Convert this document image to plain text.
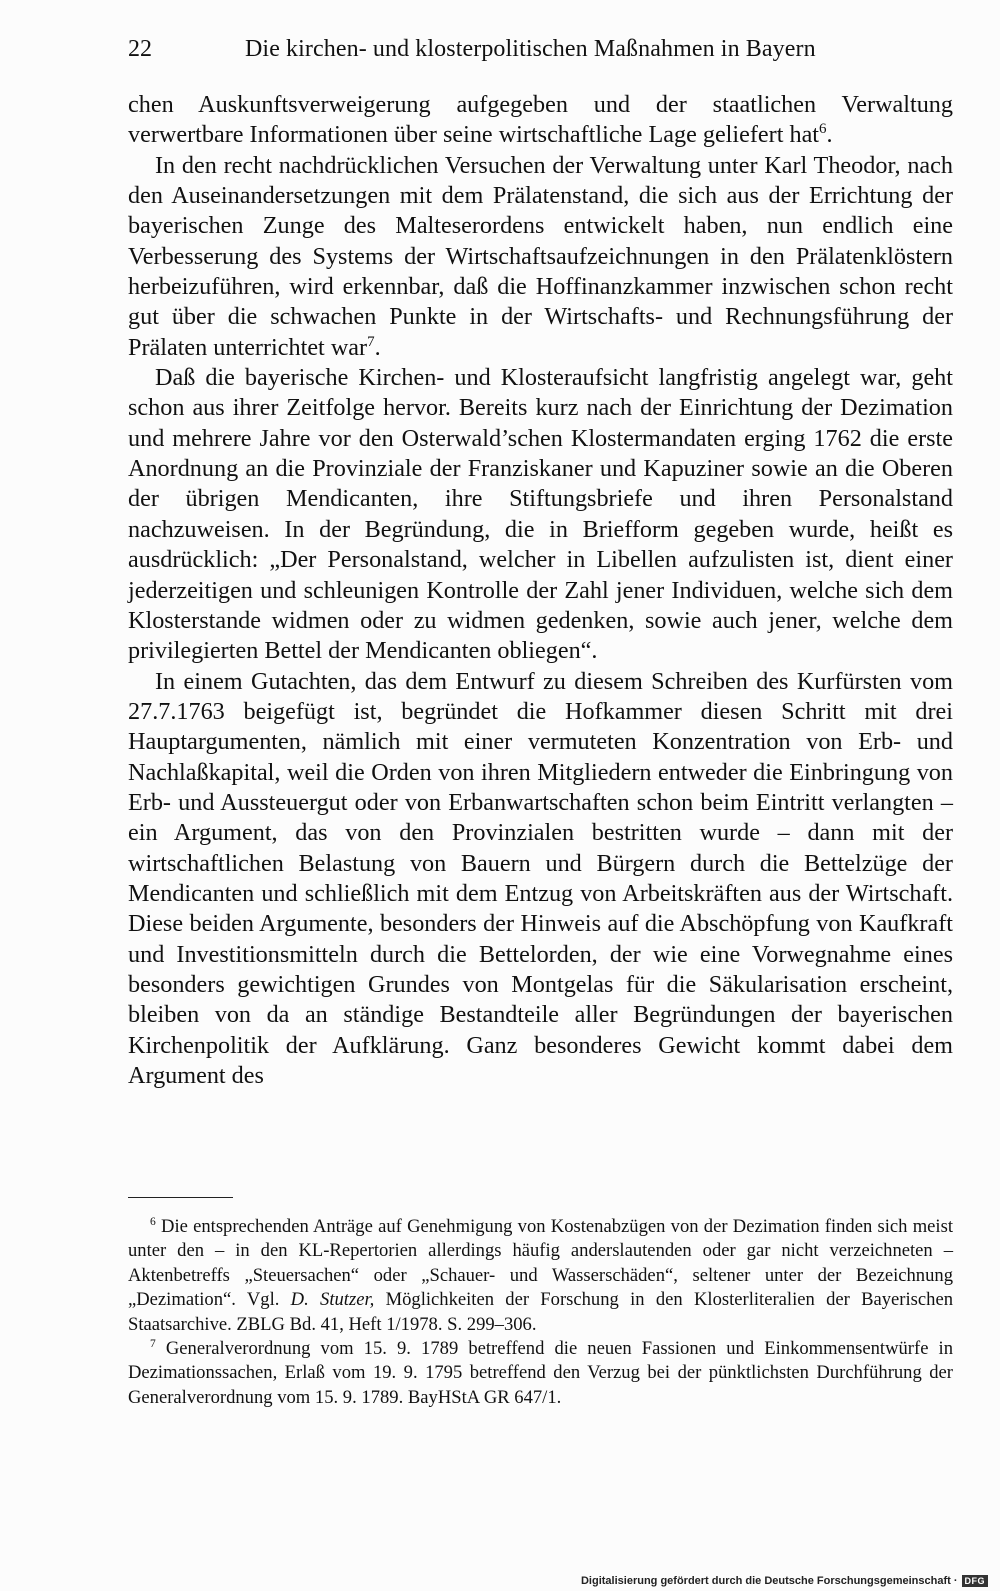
22	Die kirchen- und klosterpolitischen Maßnahmen in Bayern

chen Auskunftsverweigerung aufgegeben und der staatlichen Verwaltung verwertbare Informationen über seine wirtschaftliche Lage geliefert hat$^6$.

In den recht nachdrücklichen Versuchen der Verwaltung unter Karl Theodor, nach den Auseinandersetzungen mit dem Prälatenstand, die sich aus der Errichtung der bayerischen Zunge des Malteserordens entwickelt haben, nun endlich eine Verbesserung des Systems der Wirtschaftsaufzeichnungen in den Prälatenklöstern herbeizuführen, wird erkennbar, daß die Hoffinanzkammer inzwischen schon recht gut über die schwachen Punkte in der Wirtschafts- und Rechnungsführung der Prälaten unterrichtet war$^7$.

Daß die bayerische Kirchen- und Klosteraufsicht langfristig angelegt war, geht schon aus ihrer Zeitfolge hervor. Bereits kurz nach der Einrichtung der Dezimation und mehrere Jahre vor den Osterwald’schen Klostermandaten erging 1762 die erste Anordnung an die Provinziale der Franziskaner und Kapuziner sowie an die Oberen der übrigen Mendicanten, ihre Stiftungsbriefe und ihren Personalstand nachzuweisen. In der Begründung, die in Briefform gegeben wurde, heißt es ausdrücklich: „Der Personalstand, welcher in Libellen aufzulisten ist, dient einer jederzeitigen und schleunigen Kontrolle der Zahl jener Individuen, welche sich dem Klosterstande widmen oder zu widmen gedenken, sowie auch jener, welche dem privilegierten Bettel der Mendicanten obliegen“.

In einem Gutachten, das dem Entwurf zu diesem Schreiben des Kurfürsten vom 27.7.1763 beigefügt ist, begründet die Hofkammer diesen Schritt mit drei Hauptargumenten, nämlich mit einer vermuteten Konzentration von Erb- und Nachlaßkapital, weil die Orden von ihren Mitgliedern entweder die Einbringung von Erb- und Aussteuergut oder von Erbanwartschaften schon beim Eintritt verlangten – ein Argument, das von den Provinzialen bestritten wurde – dann mit der wirtschaftlichen Belastung von Bauern und Bürgern durch die Bettelzüge der Mendicanten und schließlich mit dem Entzug von Arbeitskräften aus der Wirtschaft. Diese beiden Argumente, besonders der Hinweis auf die Abschöpfung von Kaufkraft und Investitionsmitteln durch die Bettelorden, der wie eine Vorwegnahme eines besonders gewichtigen Grundes von Montgelas für die Säkularisation erscheint, bleiben von da an ständige Bestandteile aller Begründungen der bayerischen Kirchenpolitik der Aufklärung. Ganz besonderes Gewicht kommt dabei dem Argument des

$^6$ Die entsprechenden Anträge auf Genehmigung von Kostenabzügen von der Dezimation finden sich meist unter den – in den KL-Repertorien allerdings häufig anderslautenden oder gar nicht verzeichneten – Aktenbetreffs „Steuersachen“ oder „Schauer- und Wasserschäden“, seltener unter der Bezeichnung „Dezimation“. Vgl. D. Stutzer, Möglichkeiten der Forschung in den Klosterliteralien der Bayerischen Staatsarchive. ZBLG Bd. 41, Heft 1/1978. S. 299–306.

$^7$ Generalverordnung vom 15. 9. 1789 betreffend die neuen Fassionen und Einkommensentwürfe in Dezimationssachen, Erlaß vom 19. 9. 1795 betreffend den Verzug bei der pünktlichsten Durchführung der Generalverordnung vom 15. 9. 1789. BayHStA GR 647/1.

Digitalisierung gefördert durch die Deutsche Forschungsgemeinschaft · DFG
